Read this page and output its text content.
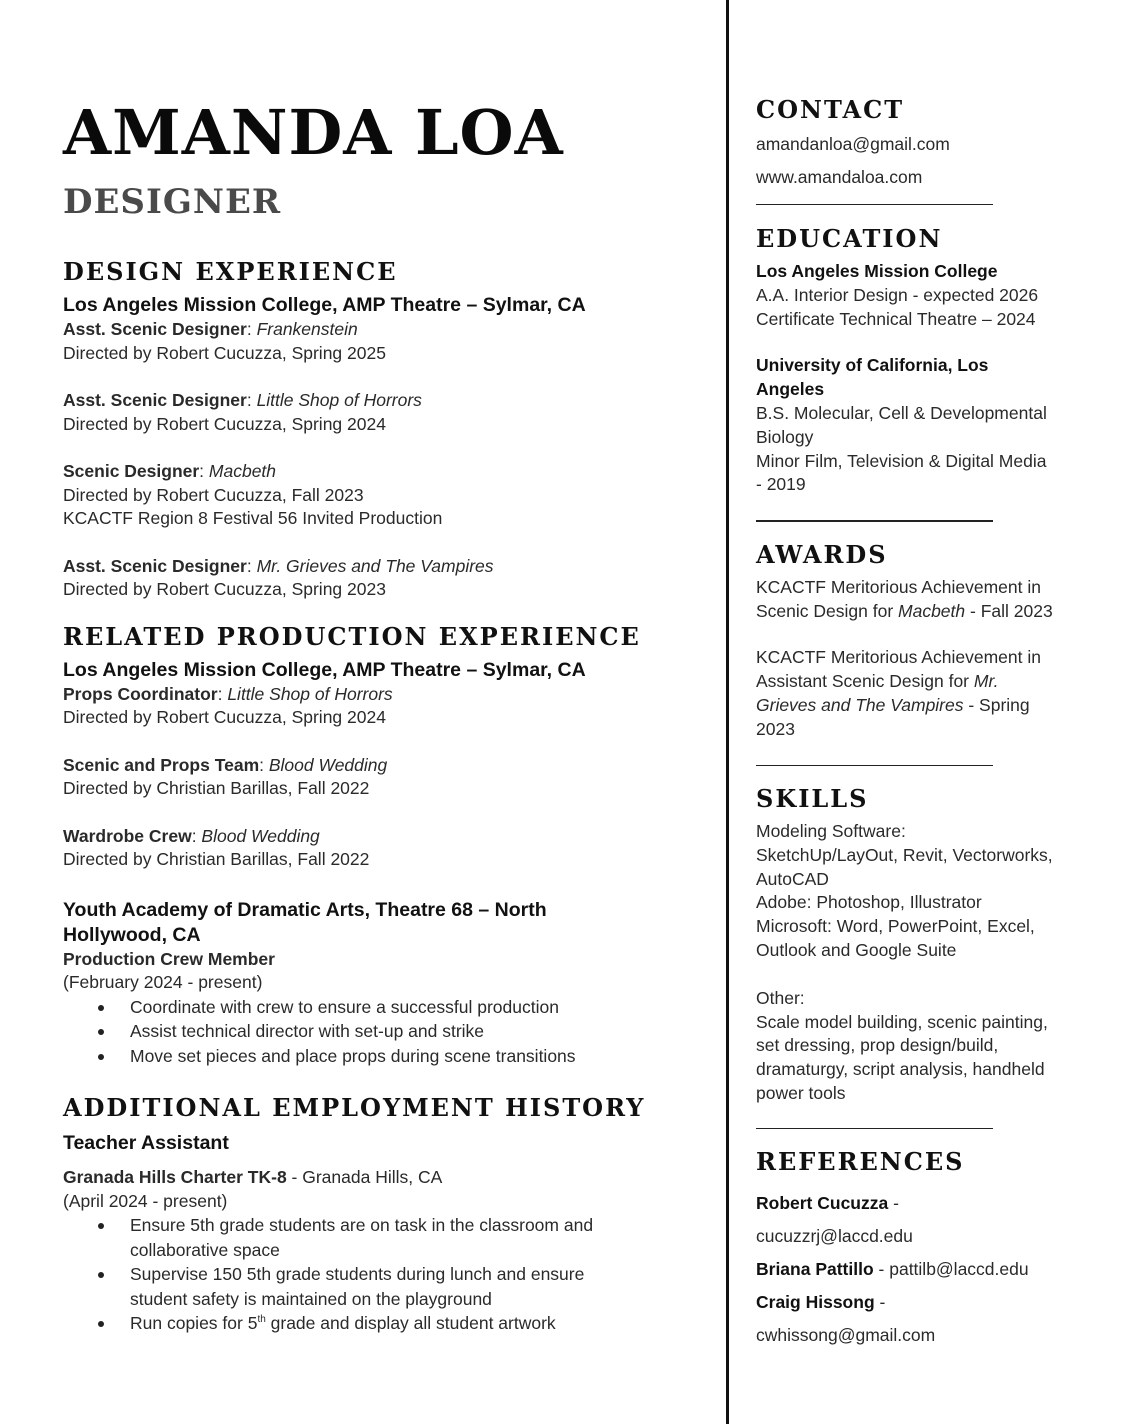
AMANDA LOA
DESIGNER
DESIGN EXPERIENCE
Los Angeles Mission College, AMP Theatre – Sylmar, CA
Asst. Scenic Designer: Frankenstein
Directed by Robert Cucuzza, Spring 2025
Asst. Scenic Designer: Little Shop of Horrors
Directed by Robert Cucuzza, Spring 2024
Scenic Designer: Macbeth
Directed by Robert Cucuzza, Fall 2023
KCACTF Region 8 Festival 56 Invited Production
Asst. Scenic Designer: Mr. Grieves and The Vampires
Directed by Robert Cucuzza, Spring 2023
RELATED PRODUCTION EXPERIENCE
Los Angeles Mission College, AMP Theatre – Sylmar, CA
Props Coordinator: Little Shop of Horrors
Directed by Robert Cucuzza, Spring 2024
Scenic and Props Team: Blood Wedding
Directed by Christian Barillas, Fall 2022
Wardrobe Crew: Blood Wedding
Directed by Christian Barillas, Fall 2022
Youth Academy of Dramatic Arts, Theatre 68 – North
Hollywood, CA
Production Crew Member
(February 2024 - present)
Coordinate with crew to ensure a successful production
Assist technical director with set-up and strike
Move set pieces and place props during scene transitions
ADDITIONAL EMPLOYMENT HISTORY
Teacher Assistant
Granada Hills Charter TK-8 - Granada Hills, CA
(April 2024 - present)
Ensure 5th grade students are on task in the classroom and
collaborative space
Supervise 150 5th grade students during lunch and ensure
student safety is maintained on the playground
Run copies for 5th grade and display all student artwork
CONTACT
amandanloa@gmail.com
www.amandaloa.com
EDUCATION
Los Angeles Mission College
A.A. Interior Design - expected 2026
Certificate Technical Theatre – 2024
University of California, Los
Angeles
B.S. Molecular, Cell & Developmental
Biology
Minor Film, Television & Digital Media
- 2019
AWARDS
KCACTF Meritorious Achievement in
Scenic Design for Macbeth - Fall 2023
KCACTF Meritorious Achievement in
Assistant Scenic Design for Mr.
Grieves and The Vampires - Spring
2023
SKILLS
Modeling Software:
SketchUp/LayOut, Revit, Vectorworks,
AutoCAD
Adobe: Photoshop, Illustrator
Microsoft: Word, PowerPoint, Excel,
Outlook and Google Suite
Other:
Scale model building, scenic painting,
set dressing, prop design/build,
dramaturgy, script analysis, handheld
power tools
REFERENCES
Robert Cucuzza -
cucuzzrj@laccd.edu
Briana Pattillo - pattilb@laccd.edu
Craig Hissong -
cwhissong@gmail.com
